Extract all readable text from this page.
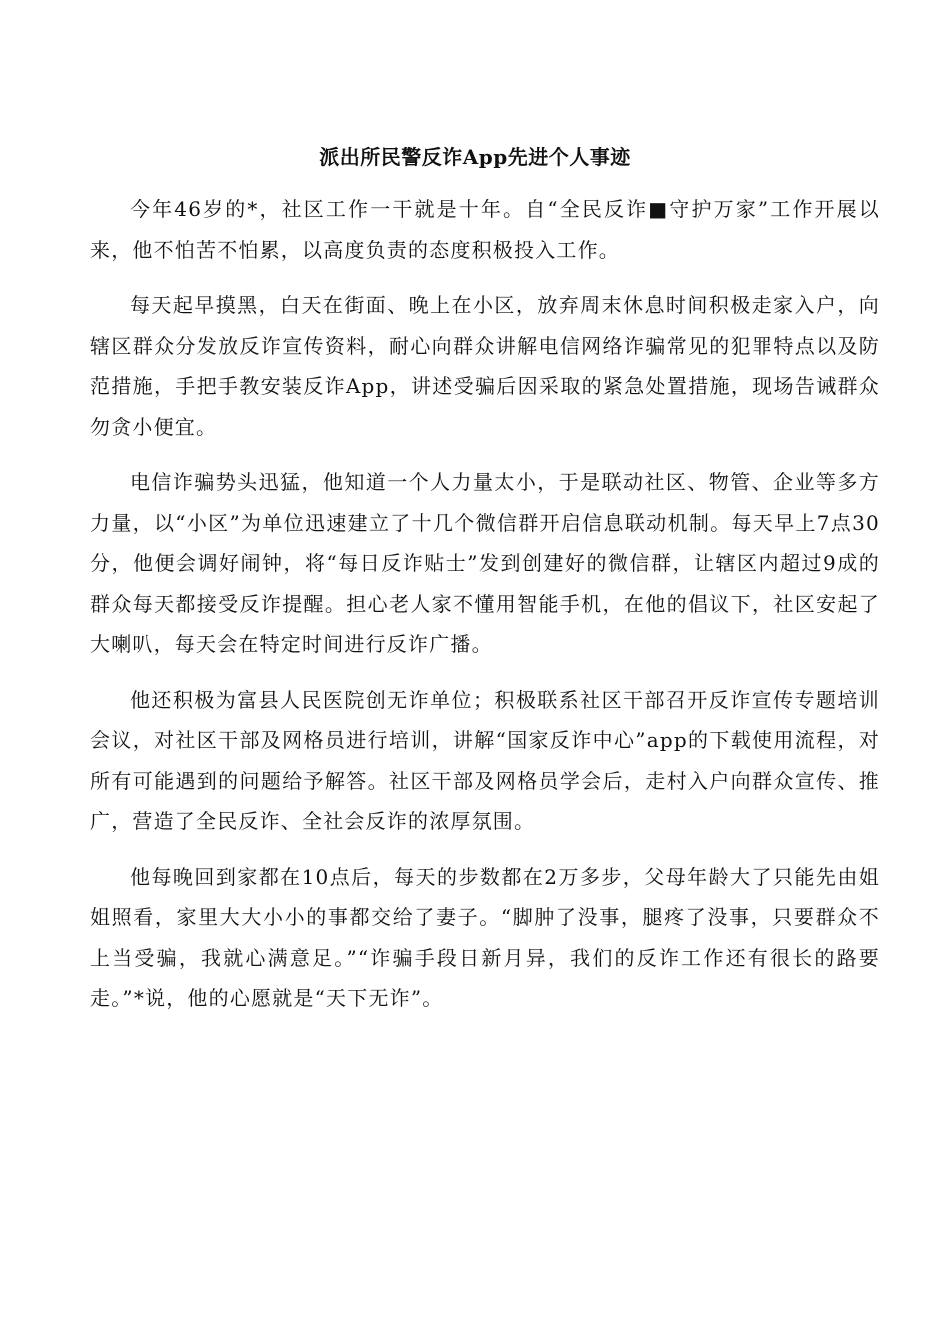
派出所民警反诈App先进个人事迹

今年46岁的*，社区工作一干就是十年。自“全民反诈■守护万家”工作开展以来，他不怕苦不怕累，以高度负责的态度积极投入工作。

每天起早摸黑，白天在街面、晚上在小区，放弃周末休息时间积极走家入户，向辖区群众分发放反诈宣传资料，耐心向群众讲解电信网络诈骗常见的犯罪特点以及防范措施，手把手教安装反诈App，讲述受骗后因采取的紧急处置措施，现场告诫群众勿贪小便宜。

电信诈骗势头迅猛，他知道一个人力量太小，于是联动社区、物管、企业等多方力量，以“小区”为单位迅速建立了十几个微信群开启信息联动机制。每天早上7点30分，他便会调好闹钟，将“每日反诈贴士”发到创建好的微信群，让辖区内超过9成的群众每天都接受反诈提醒。担心老人家不懂用智能手机，在他的倡议下，社区安起了大喇叭，每天会在特定时间进行反诈广播。

他还积极为富县人民医院创无诈单位；积极联系社区干部召开反诈宣传专题培训会议，对社区干部及网格员进行培训，讲解“国家反诈中心”app的下载使用流程，对所有可能遇到的问题给予解答。社区干部及网格员学会后，走村入户向群众宣传、推广，营造了全民反诈、全社会反诈的浓厚氛围。

他每晚回到家都在10点后，每天的步数都在2万多步，父母年龄大了只能先由姐姐照看，家里大大小小的事都交给了妻子。“脚肿了没事，腿疼了没事，只要群众不上当受骗，我就心满意足。”“诈骗手段日新月异，我们的反诈工作还有很长的路要走。”*说，他的心愿就是“天下无诈”。
